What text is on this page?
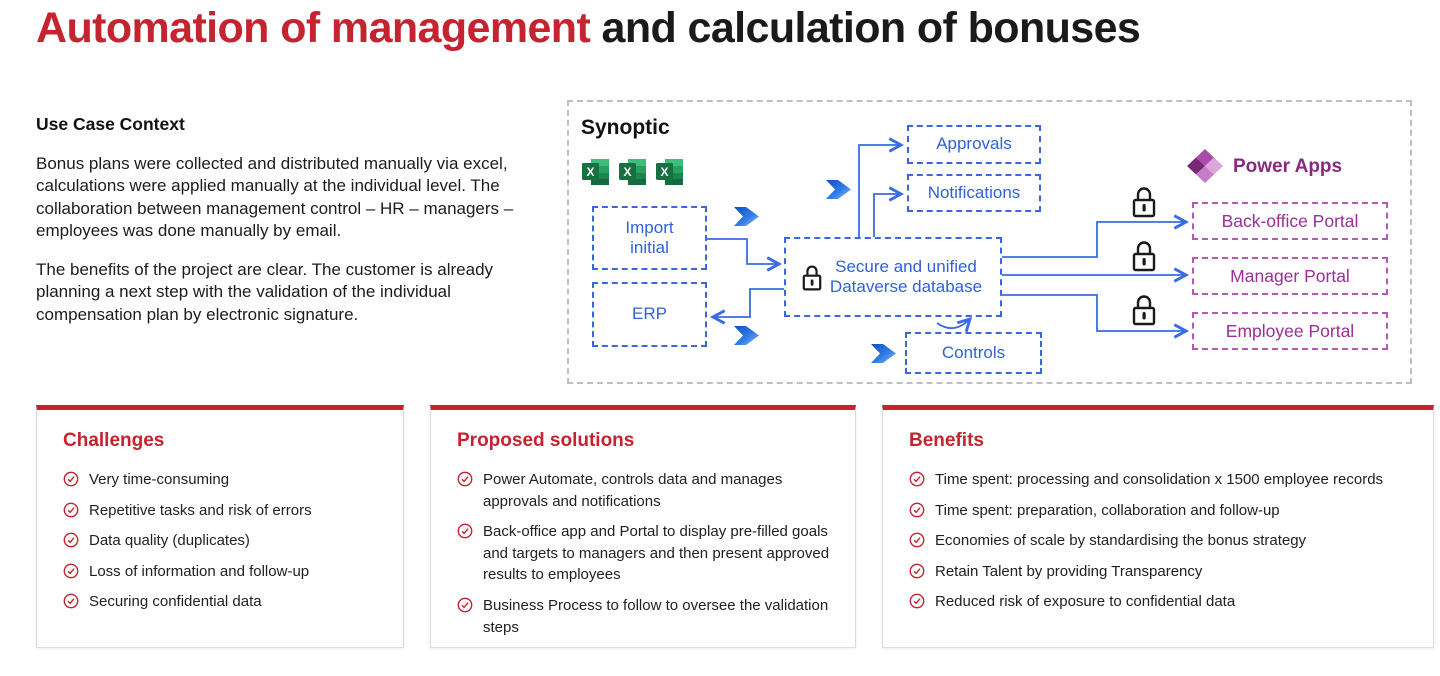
Automation of management and calculation of bonuses
Use Case Context

Bonus plans were collected and distributed manually via excel, calculations were applied manually at the individual level. The collaboration between management control – HR – managers – employees was done manually by email.

The benefits of the project are clear. The customer is already planning a next step with the validation of the individual compensation plan by electronic signature.

Synoptic
X X X
Import initial
ERP
Secure and unified Dataverse database
Approvals
Notifications
Controls
Power Apps
Back-office Portal
Manager Portal
Employee Portal
Challenges
Very time-consuming
Repetitive tasks and risk of errors
Data quality (duplicates)
Loss of information and follow-up
Securing confidential data
Proposed solutions
Power Automate, controls data and manages approvals and notifications
Back-office app and Portal to display pre-filled goals and targets to managers and then present approved results to employees
Business Process to follow to oversee the validation steps
Benefits
Time spent: processing and consolidation x 1500 employee records
Time spent: preparation, collaboration and follow-up
Economies of scale by standardising the bonus strategy
Retain Talent by providing Transparency
Reduced risk of exposure to confidential data
